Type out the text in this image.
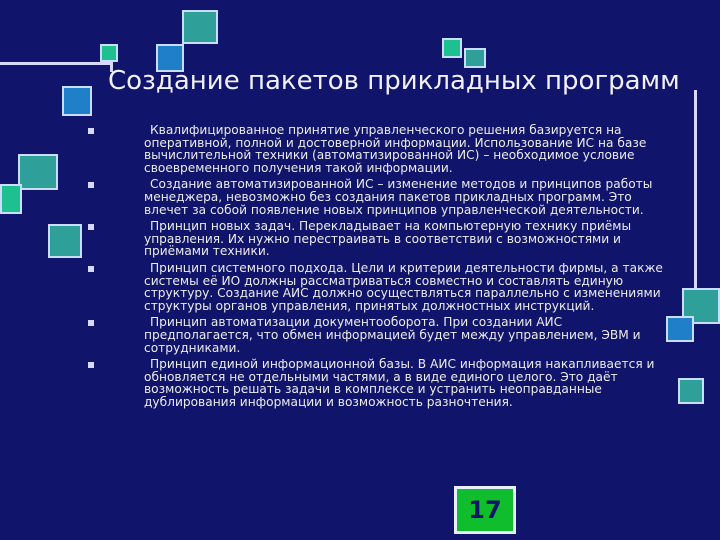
Создание пакетов прикладных программ
Квалифицированное принятие управленческого решения базируется на оперативной, полной и достоверной информации. Использование ИС на базе вычислительной техники (автоматизированной ИС) – необходимое условие своевременного получения такой информации.
Создание автоматизированной ИС – изменение методов и принципов работы менеджера, невозможно без создания пакетов прикладных программ. Это влечет за собой появление новых принципов управленческой деятельности.
Принцип новых задач. Перекладывает на компьютерную технику приёмы управления. Их нужно перестраивать в соответствии с возможностями и приёмами техники.
Принцип системного подхода. Цели и критерии деятельности фирмы, а также системы её ИО должны рассматриваться совместно и составлять единую структуру. Создание АИС должно осуществляться параллельно с изменениями структуры органов управления, принятых должностных инструкций.
Принцип автоматизации документооборота. При создании АИС предполагается, что обмен информацией будет между управлением, ЭВМ и сотрудниками.
Принцип единой информационной базы. В АИС информация накапливается и обновляется не отдельными частями, а в виде единого целого. Это даёт возможность решать задачи в комплексе и устранить неоправданные дублирования информации и возможность разночтения.
17
